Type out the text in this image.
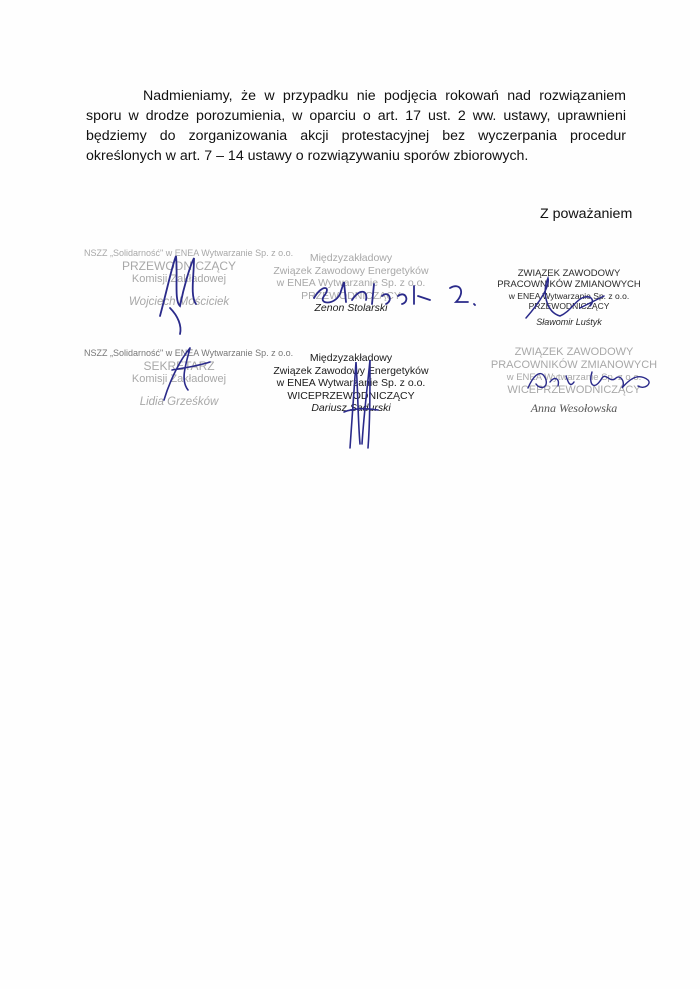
Nadmieniamy, że w przypadku nie podjęcia rokowań nad rozwiązaniem sporu w drodze porozumienia, w oparciu o art. 17 ust. 2 ww. ustawy, uprawnieni będziemy do zorganizowania akcji protestacyjnej bez wyczerpania procedur określonych w art. 7 – 14 ustawy o rozwiązywaniu sporów zbiorowych.

Z poważaniem

NSZZ „Solidarność" w ENEA Wytwarzanie Sp. z o.o.
PRZEWODNICZĄCY
Komisji Zakładowej
Wojciech Mościciek
Międzyzakładowy
Związek Zawodowy Energetyków
w ENEA Wytwarzanie Sp. z o.o.
PRZEWODNICZĄCY
Zenon Stolarski
ZWIĄZEK ZAWODOWY
PRACOWNIKÓW ZMIANOWYCH
w ENEA Wytwarzanie Sp. z o.o.
PRZEWODNICZĄCY
Sławomir Luśtyk
NSZZ „Solidarność" w ENEA Wytwarzanie Sp. z o.o.
SEKRETARZ
Komisji Zakładowej
Lidia Grześków
Międzyzakładowy
Związek Zawodowy Energetyków
w ENEA Wytwarzanie Sp. z o.o.
WICEPRZEWODNICZĄCY
Dariusz Sadurski
ZWIĄZEK ZAWODOWY
PRACOWNIKÓW ZMIANOWYCH
w ENEA Wytwarzanie Sp. z o.o.
WICEPRZEWODNICZĄCY
Anna Wesołowska
